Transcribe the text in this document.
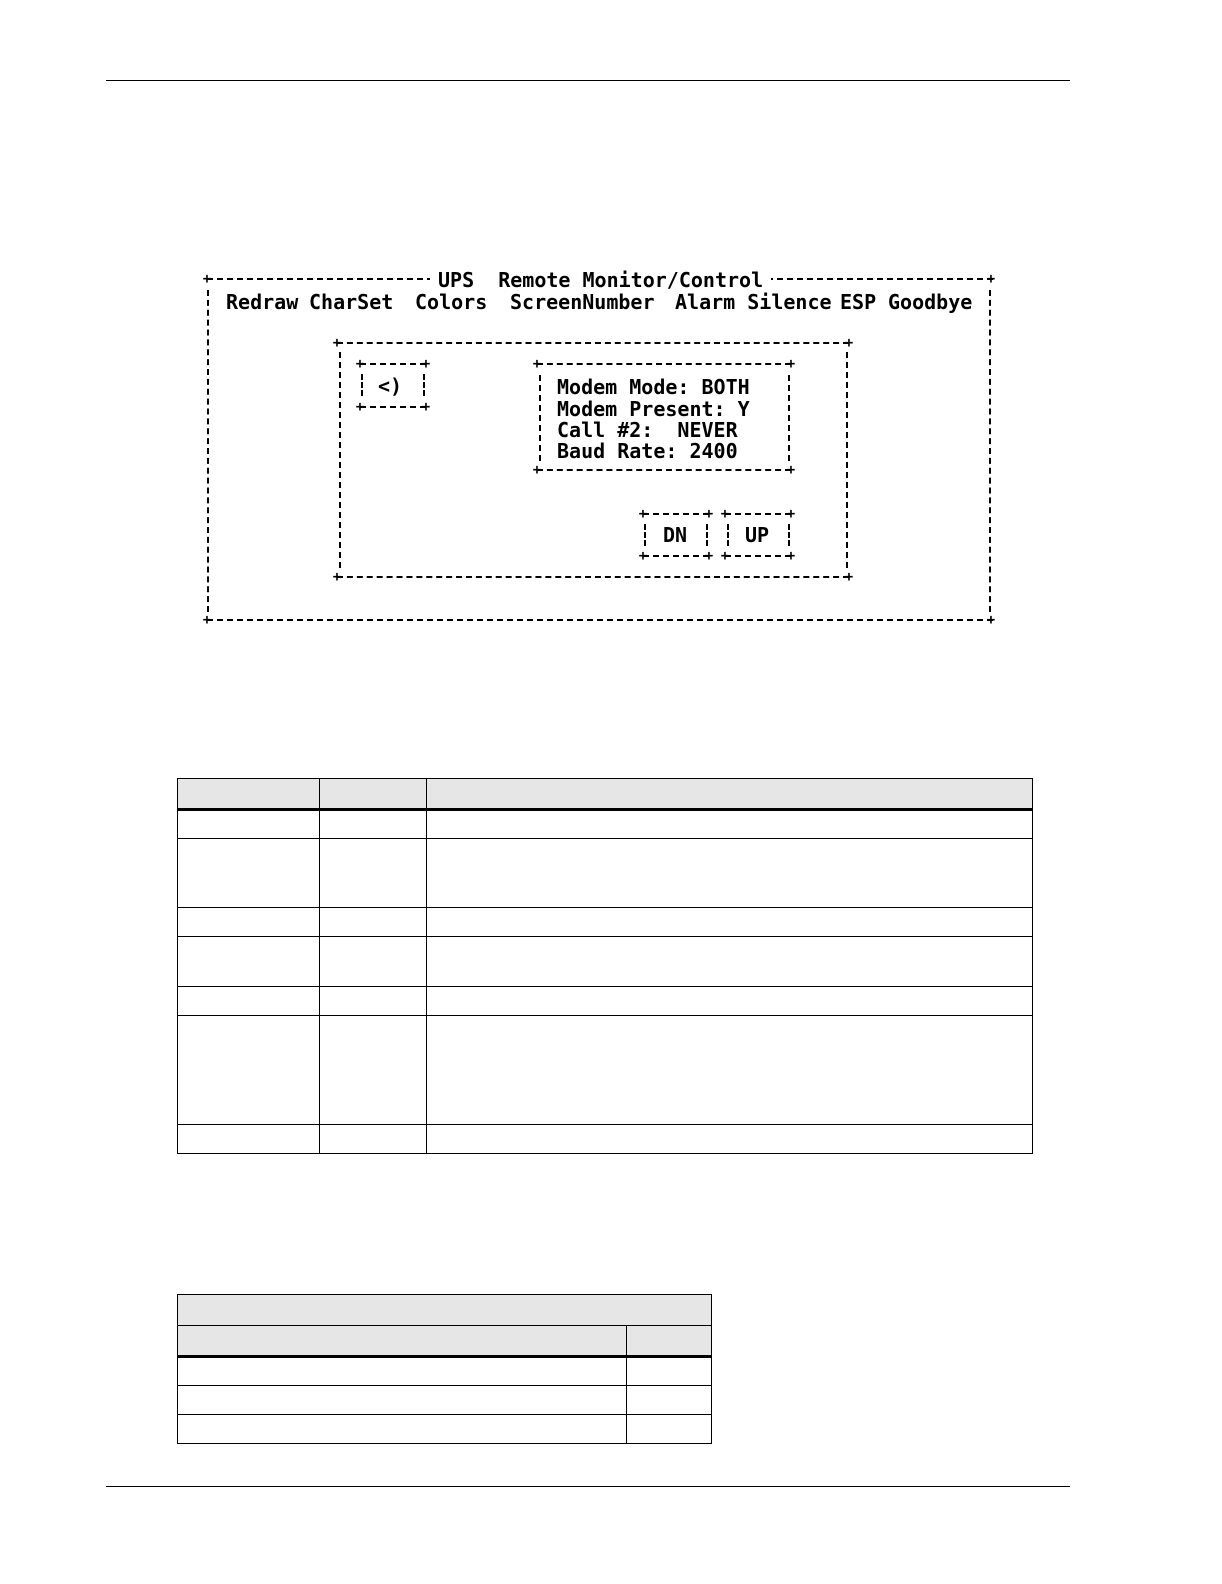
+	+
+	+
UPS  Remote Monitor/Control
Redraw CharSet Colors ScreenNumber Alarm Silence ESP Goodbye
+	+
+	+
+	+
+	+
<)
+	+
+	+
Modem Mode: BOTH
Modem Present: Y
Call #2:  NEVER
Baud Rate: 2400
+	+
+	+
DN
+	+
+	+
UP
